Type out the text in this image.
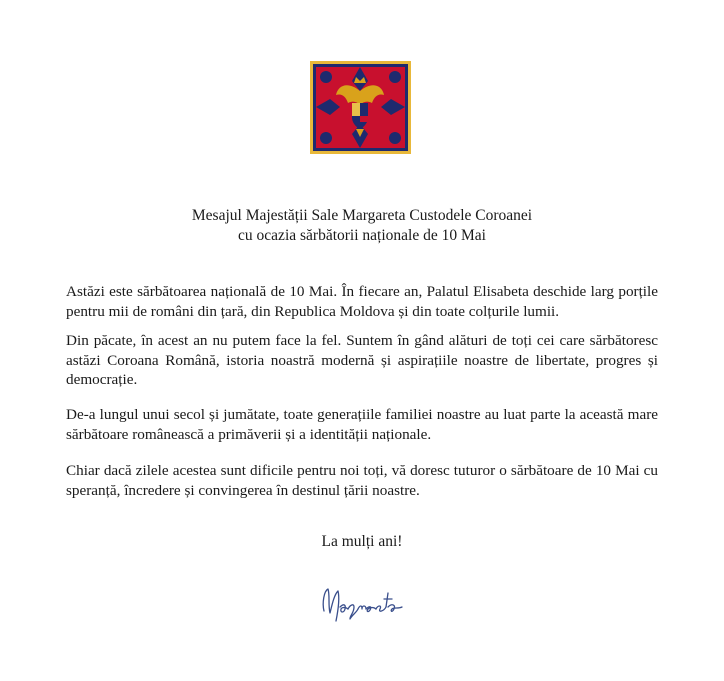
Mesajul Majestății Sale Margareta Custodele Coroanei
cu ocazia sărbătorii naționale de 10 Mai

Astăzi este sărbătoarea națională de 10 Mai. În fiecare an, Palatul Elisabeta deschide larg porțile pentru mii de români din țară, din Republica Moldova și din toate colțurile lumii.

Din păcate, în acest an nu putem face la fel. Suntem în gând alături de toți cei care sărbătoresc astăzi Coroana Română, istoria noastră modernă și aspirațiile noastre de libertate, progres și democrație.

De-a lungul unui secol și jumătate, toate generațiile familiei noastre au luat parte la această mare sărbătoare românească a primăverii și a identității naționale.

Chiar dacă zilele acestea sunt dificile pentru noi toți, vă doresc tuturor o sărbătoare de 10 Mai cu speranță, încredere și convingerea în destinul țării noastre.

La mulți ani!
